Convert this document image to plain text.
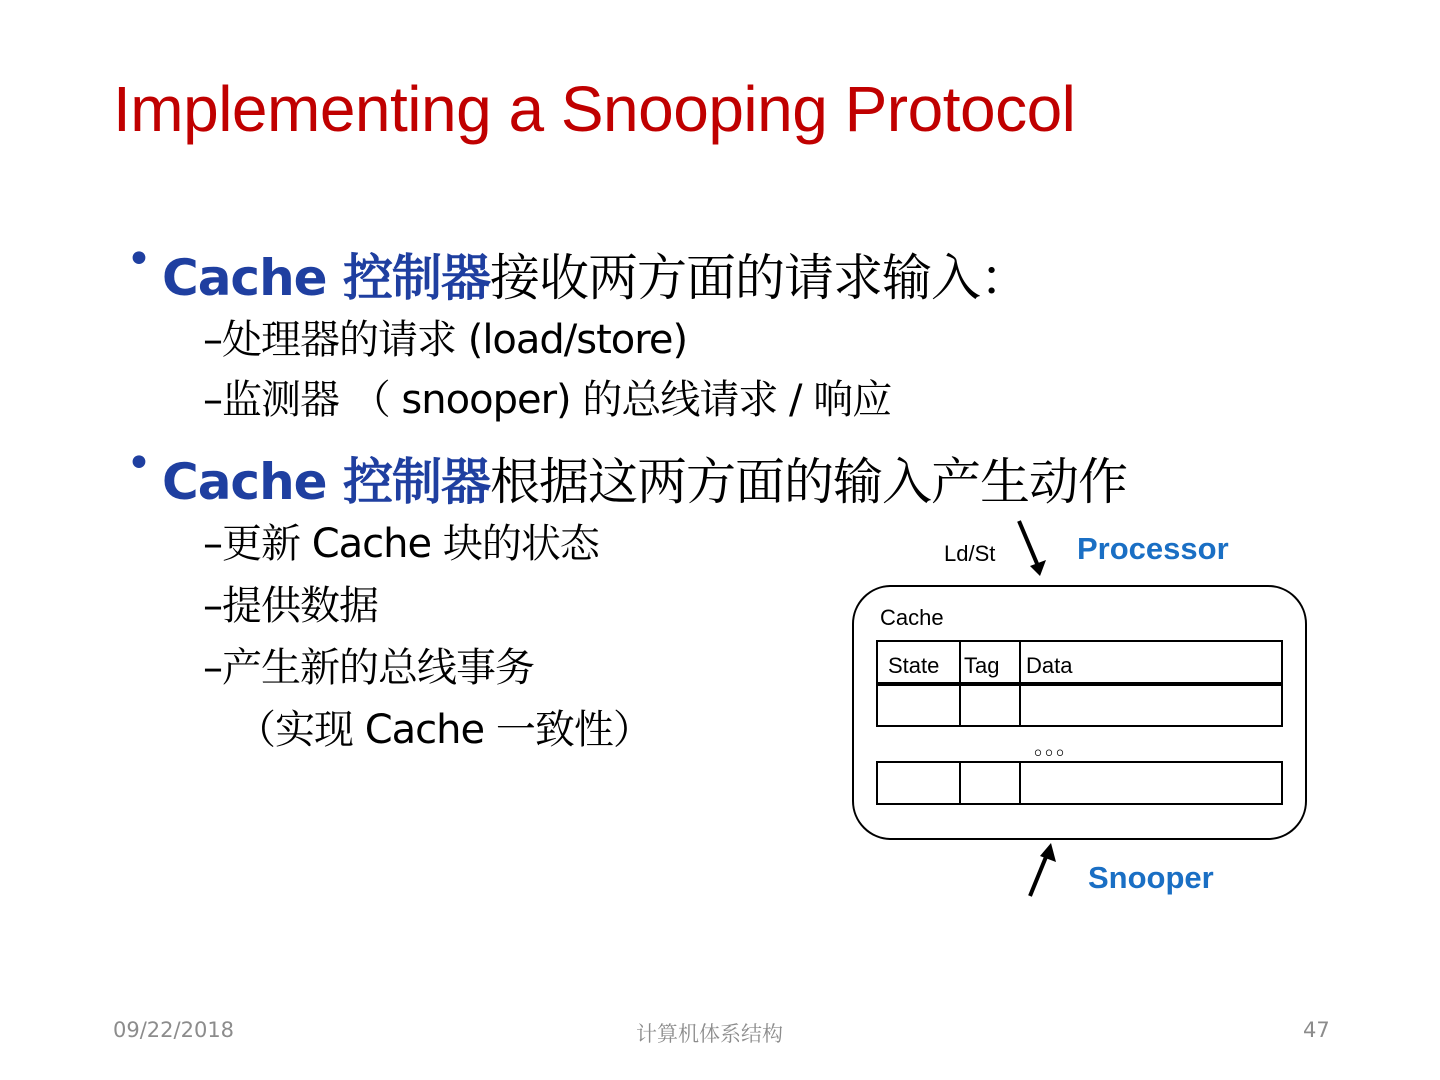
Implementing a Snooping Protocol
• Cache 控制器接收两方面的请求输入：
–处理器的请求 (load/store)
–监测器 （ snooper) 的总线请求 / 响应
• Cache 控制器根据这两方面的输入产生动作
–更新 Cache 块的状态
–提供数据
–产生新的总线事务
（实现 Cache 一致性）
Ld/St	Processor
Cache
State Tag Data
。。。
Snooper
09/22/2018	计算机体系结构	47
